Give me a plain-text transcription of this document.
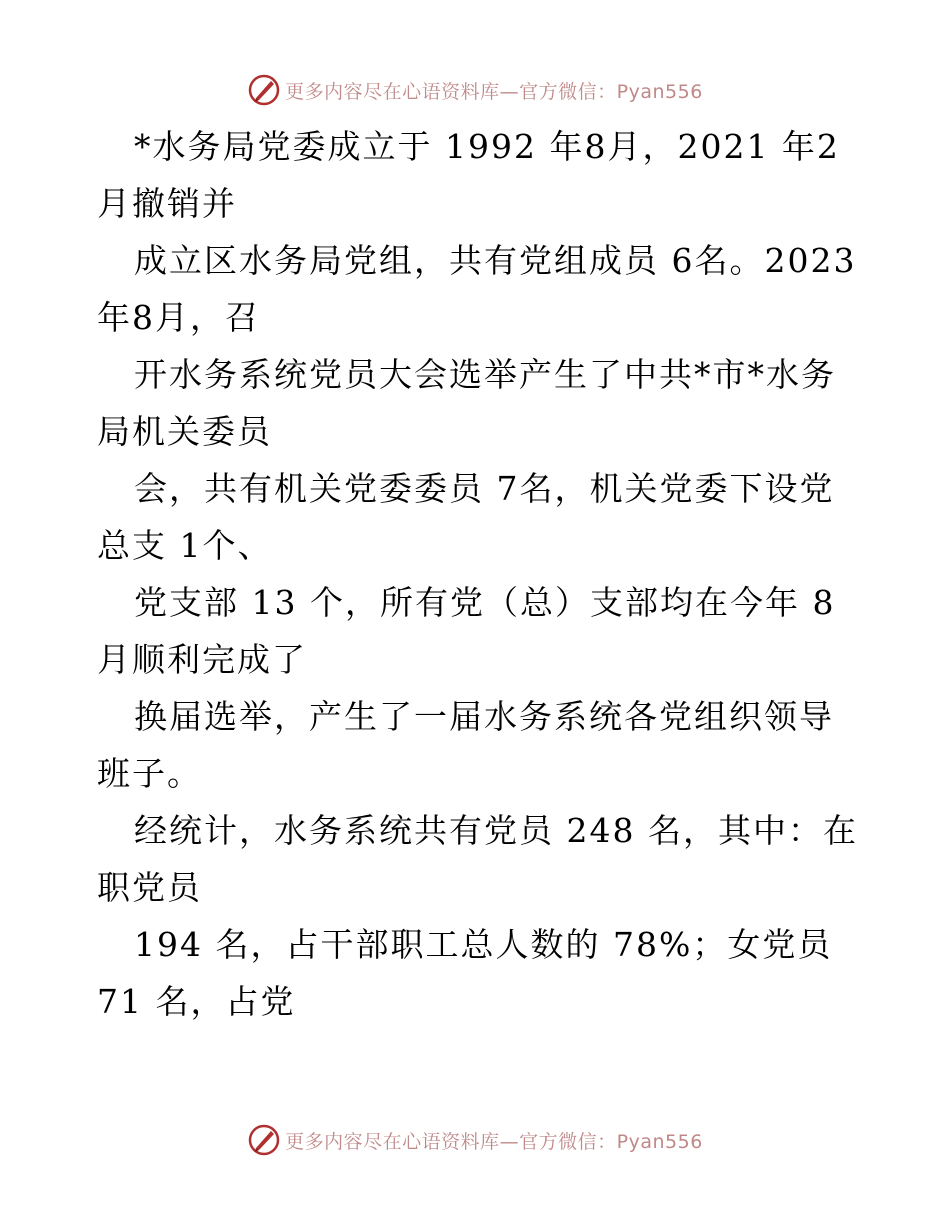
更多内容尽在心语资料库—官方微信：Pyan556

*水务局党委成立于 1992 年8月，2021 年2月撤销并

成立区水务局党组，共有党组成员 6名。2023 年8月，召

开水务系统党员大会选举产生了中共*市*水务局机关委员

会，共有机关党委委员 7名，机关党委下设党总支 1个、

党支部 13 个，所有党（总）支部均在今年 8 月顺利完成了

换届选举，产生了一届水务系统各党组织领导班子。

经统计，水务系统共有党员 248 名，其中：在职党员

194 名，占干部职工总人数的 78%；女党员 71 名，占党

更多内容尽在心语资料库—官方微信：Pyan556
